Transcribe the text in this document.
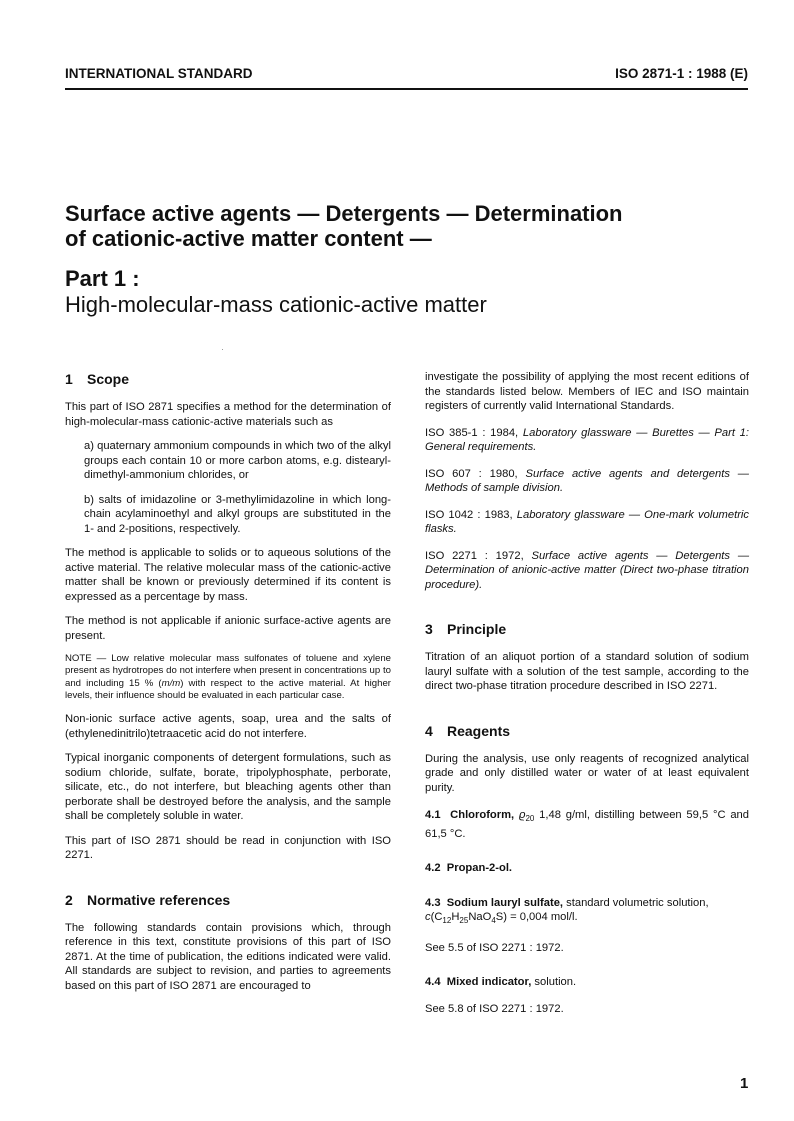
INTERNATIONAL STANDARD	ISO 2871-1 : 1988 (E)
Surface active agents — Detergents — Determination
of cationic-active matter content —
Part 1 :
High-molecular-mass cationic-active matter
1 Scope

This part of ISO 2871 specifies a method for the determination of high-molecular-mass cationic-active materials such as

a) quaternary ammonium compounds in which two of the alkyl groups each contain 10 or more carbon atoms, e.g. distearyl-dimethyl-ammonium chlorides, or

b) salts of imidazoline or 3-methylimidazoline in which long-chain acylaminoethyl and alkyl groups are substituted in the 1- and 2-positions, respectively.

The method is applicable to solids or to aqueous solutions of the active material. The relative molecular mass of the cationic-active matter shall be known or previously determined if its content is expressed as a percentage by mass.

The method is not applicable if anionic surface-active agents are present.

NOTE — Low relative molecular mass sulfonates of toluene and xylene present as hydrotropes do not interfere when present in concentrations up to and including 15 % (m/m) with respect to the active material. At higher levels, their influence should be evaluated in each particular case.

Non-ionic surface active agents, soap, urea and the salts of (ethylenedinitrilo)tetraacetic acid do not interfere.

Typical inorganic components of detergent formulations, such as sodium chloride, sulfate, borate, tripolyphosphate, perborate, silicate, etc., do not interfere, but bleaching agents other than perborate shall be destroyed before the analysis, and the sample shall be completely soluble in water.

This part of ISO 2871 should be read in conjunction with ISO 2271.

2 Normative references

The following standards contain provisions which, through reference in this text, constitute provisions of this part of ISO 2871. At the time of publication, the editions indicated were valid. All standards are subject to revision, and parties to agreements based on this part of ISO 2871 are encouraged to

investigate the possibility of applying the most recent editions of the standards listed below. Members of IEC and ISO maintain registers of currently valid International Standards.

ISO 385-1 : 1984, Laboratory glassware — Burettes — Part 1: General requirements.

ISO 607 : 1980, Surface active agents and detergents — Methods of sample division.

ISO 1042 : 1983, Laboratory glassware — One-mark volumetric flasks.

ISO 2271 : 1972, Surface active agents — Detergents — Determination of anionic-active matter (Direct two-phase titration procedure).

3 Principle

Titration of an aliquot portion of a standard solution of sodium lauryl sulfate with a solution of the test sample, according to the direct two-phase titration procedure described in ISO 2271.

4 Reagents

During the analysis, use only reagents of recognized analytical grade and only distilled water or water of at least equivalent purity.

4.1 Chloroform, $ϱ_{20}$ 1,48 g/ml, distilling between 59,5 °C and 61,5 °C.

4.2 Propan-2-ol.

4.3 Sodium lauryl sulfate, standard volumetric solution,
$c(C_{12}H_{25}NaO_4S) = 0,004$ mol/l.

See 5.5 of ISO 2271 : 1972.

4.4 Mixed indicator, solution.

See 5.8 of ISO 2271 : 1972.

1
